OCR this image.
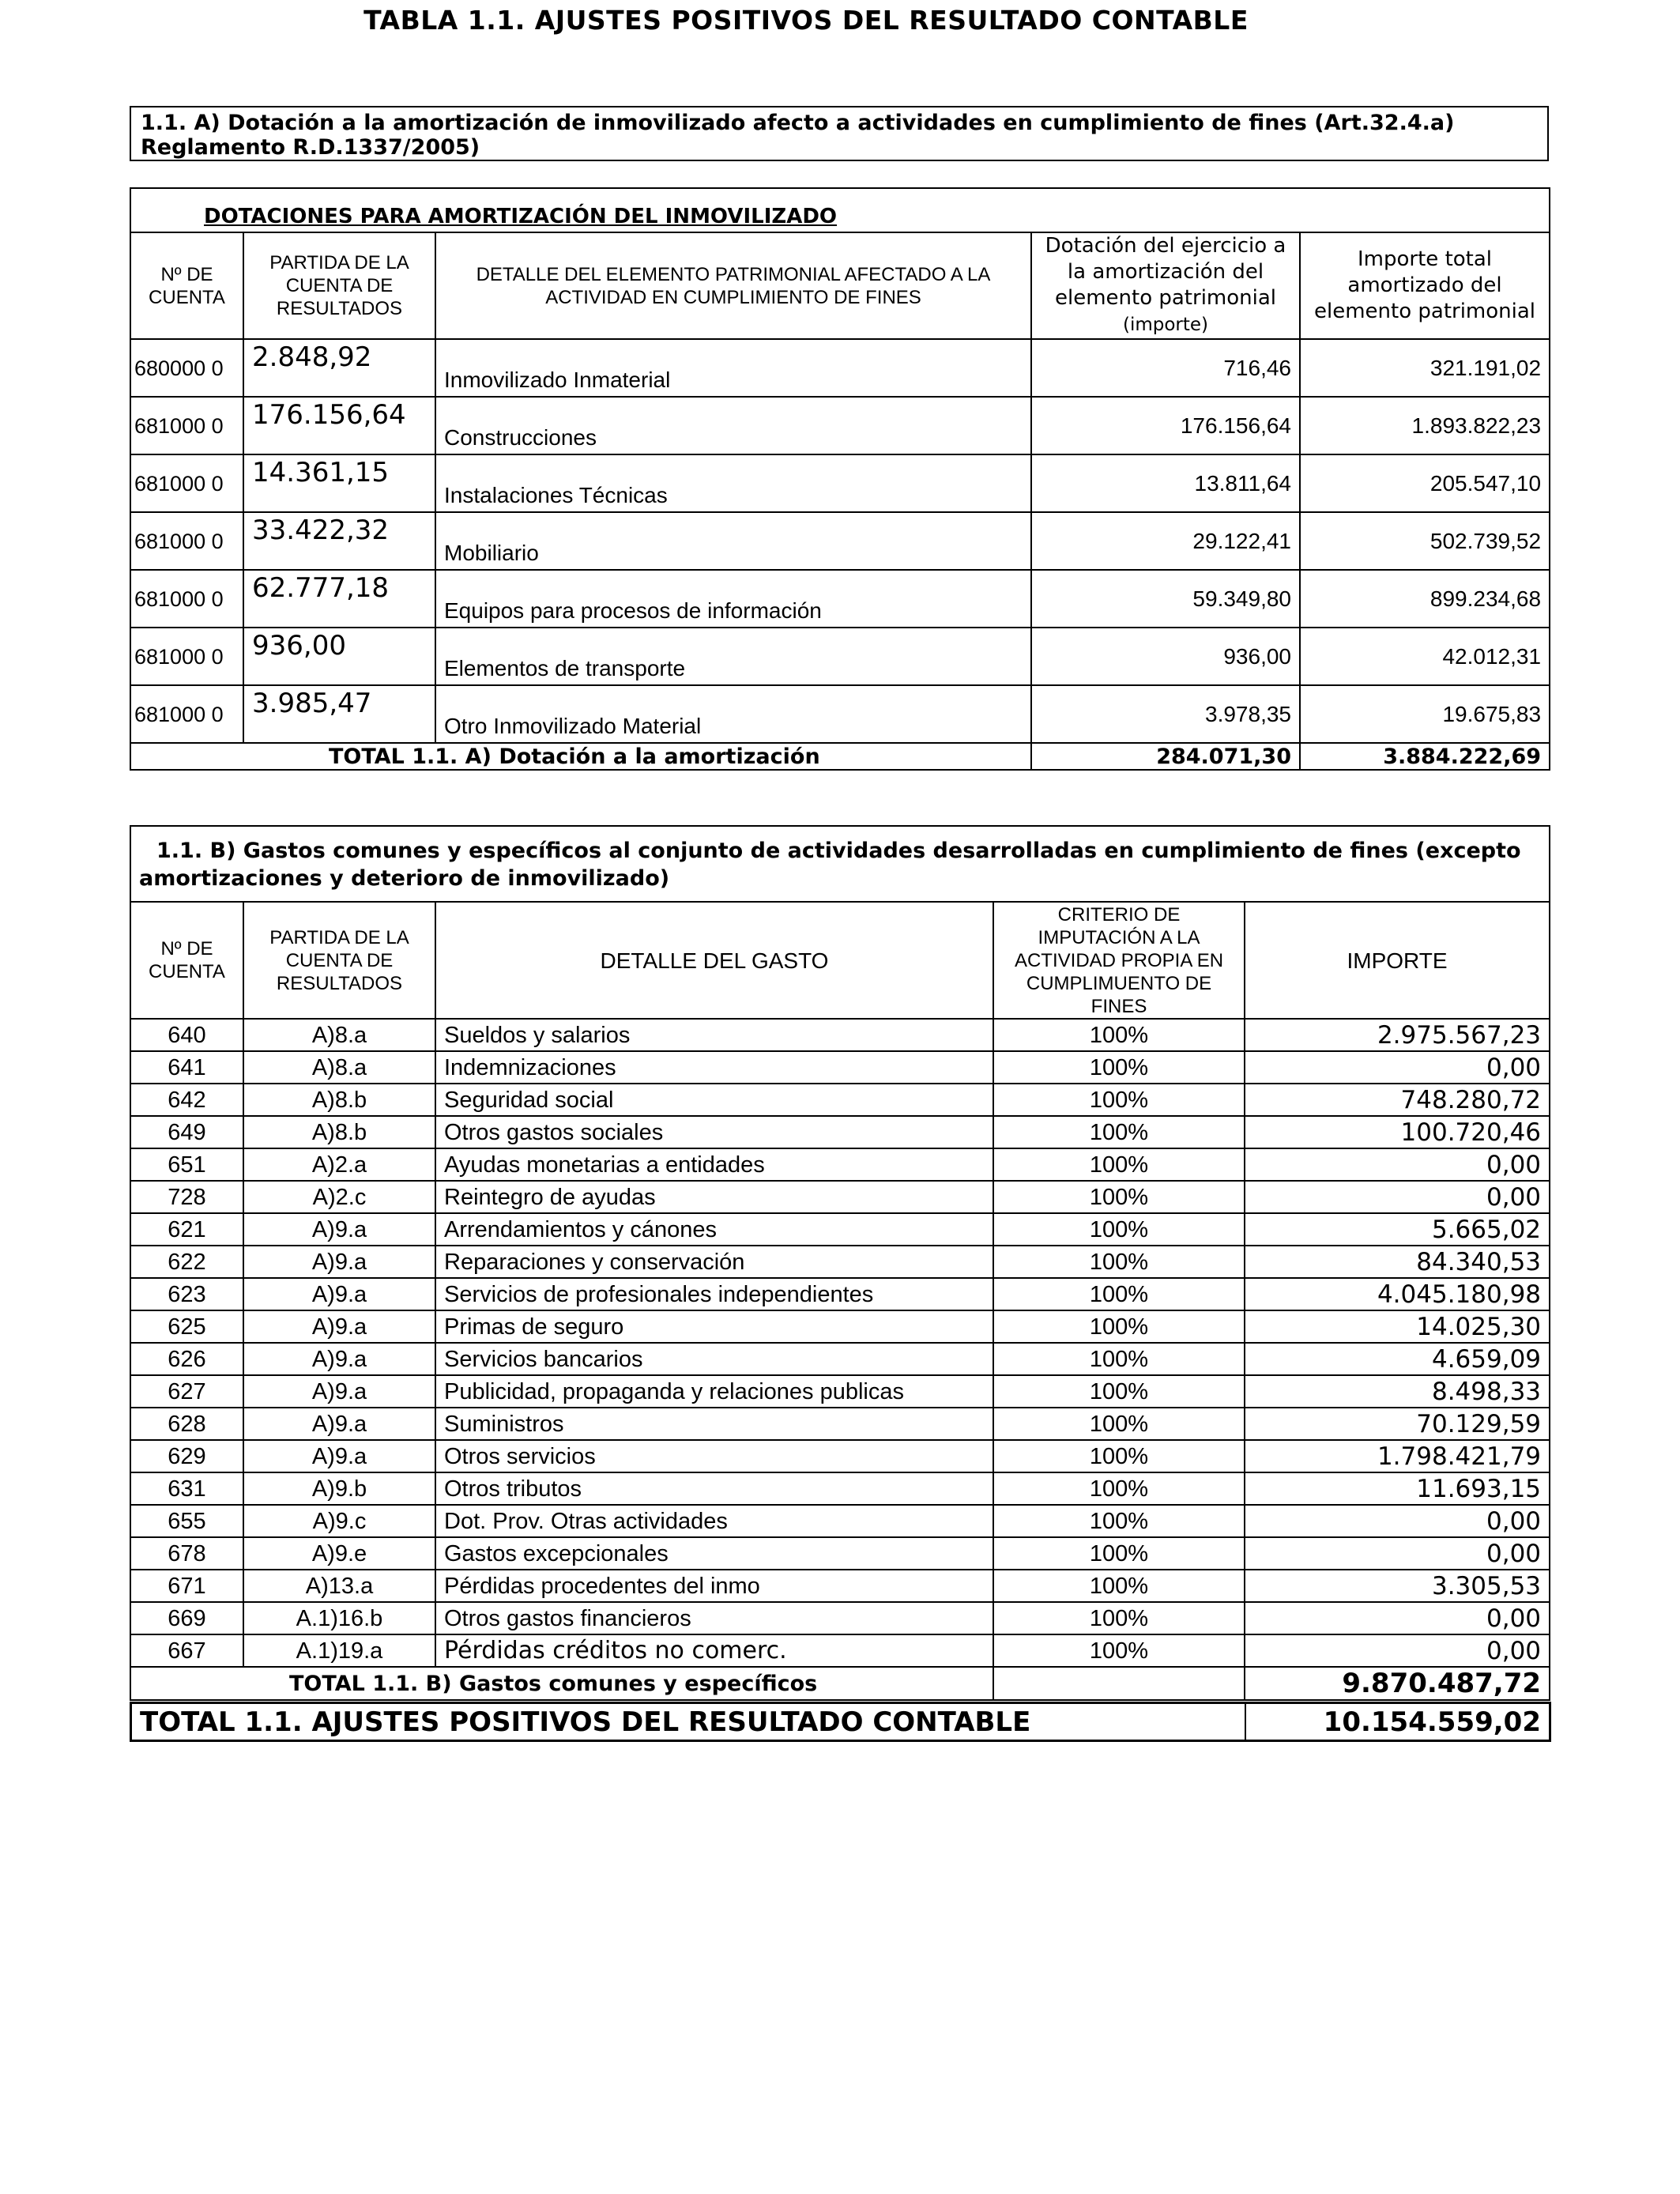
TABLA 1.1. AJUSTES POSITIVOS DEL RESULTADO CONTABLE
1.1. A) Dotación a la amortización de inmovilizado afecto a actividades en cumplimiento de fines (Art.32.4.a) Reglamento R.D.1337/2005)
DOTACIONES PARA AMORTIZACIÓN DEL INMOVILIZADO				
Nº DE CUENTA	PARTIDA DE LA CUENTA DE RESULTADOS	DETALLE DEL ELEMENTO PATRIMONIAL AFECTADO A LA ACTIVIDAD EN CUMPLIMIENTO DE FINES	Dotación del ejercicio a la amortización del elemento patrimonial
(importe)	Importe total amortizado del elemento patrimonial
680000 0	2.848,92	Inmovilizado Inmaterial	716,46	321.191,02
681000 0	176.156,64	Construcciones	176.156,64	1.893.822,23
681000 0	14.361,15	Instalaciones Técnicas	13.811,64	205.547,10
681000 0	33.422,32	Mobiliario	29.122,41	502.739,52
681000 0	62.777,18	Equipos para procesos de información	59.349,80	899.234,68
681000 0	936,00	Elementos de transporte	936,00	42.012,31
681000 0	3.985,47	Otro Inmovilizado Material	3.978,35	19.675,83
TOTAL 1.1. A) Dotación a la amortización			284.071,30	3.884.222,69
1.1. B) Gastos comunes y específicos al conjunto de actividades desarrolladas en cumplimiento de fines (excepto amortizaciones y deterioro de inmovilizado)				
Nº DE CUENTA	PARTIDA DE LA CUENTA DE RESULTADOS	DETALLE DEL GASTO	CRITERIO DE IMPUTACIÓN A LA ACTIVIDAD PROPIA EN CUMPLIMUENTO DE FINES	IMPORTE
640	A)8.a	Sueldos y salarios	100%	2.975.567,23
641	A)8.a	Indemnizaciones	100%	0,00
642	A)8.b	Seguridad social	100%	748.280,72
649	A)8.b	Otros gastos sociales	100%	100.720,46
651	A)2.a	Ayudas monetarias a entidades	100%	0,00
728	A)2.c	Reintegro de ayudas	100%	0,00
621	A)9.a	Arrendamientos y cánones	100%	5.665,02
622	A)9.a	Reparaciones y conservación	100%	84.340,53
623	A)9.a	Servicios de profesionales independientes	100%	4.045.180,98
625	A)9.a	Primas de seguro	100%	14.025,30
626	A)9.a	Servicios bancarios	100%	4.659,09
627	A)9.a	Publicidad, propaganda y relaciones publicas	100%	8.498,33
628	A)9.a	Suministros	100%	70.129,59
629	A)9.a	Otros servicios	100%	1.798.421,79
631	A)9.b	Otros tributos	100%	11.693,15
655	A)9.c	Dot. Prov. Otras actividades	100%	0,00
678	A)9.e	Gastos excepcionales	100%	0,00
671	A)13.a	Pérdidas procedentes del inmo	100%	3.305,53
669	A.1)16.b	Otros gastos financieros	100%	0,00
667	A.1)19.a	Pérdidas créditos no comerc.	100%	0,00
TOTAL 1.1. B) Gastos comunes y específicos				9.870.487,72
TOTAL 1.1. AJUSTES POSITIVOS DEL RESULTADO CONTABLE	10.154.559,02
